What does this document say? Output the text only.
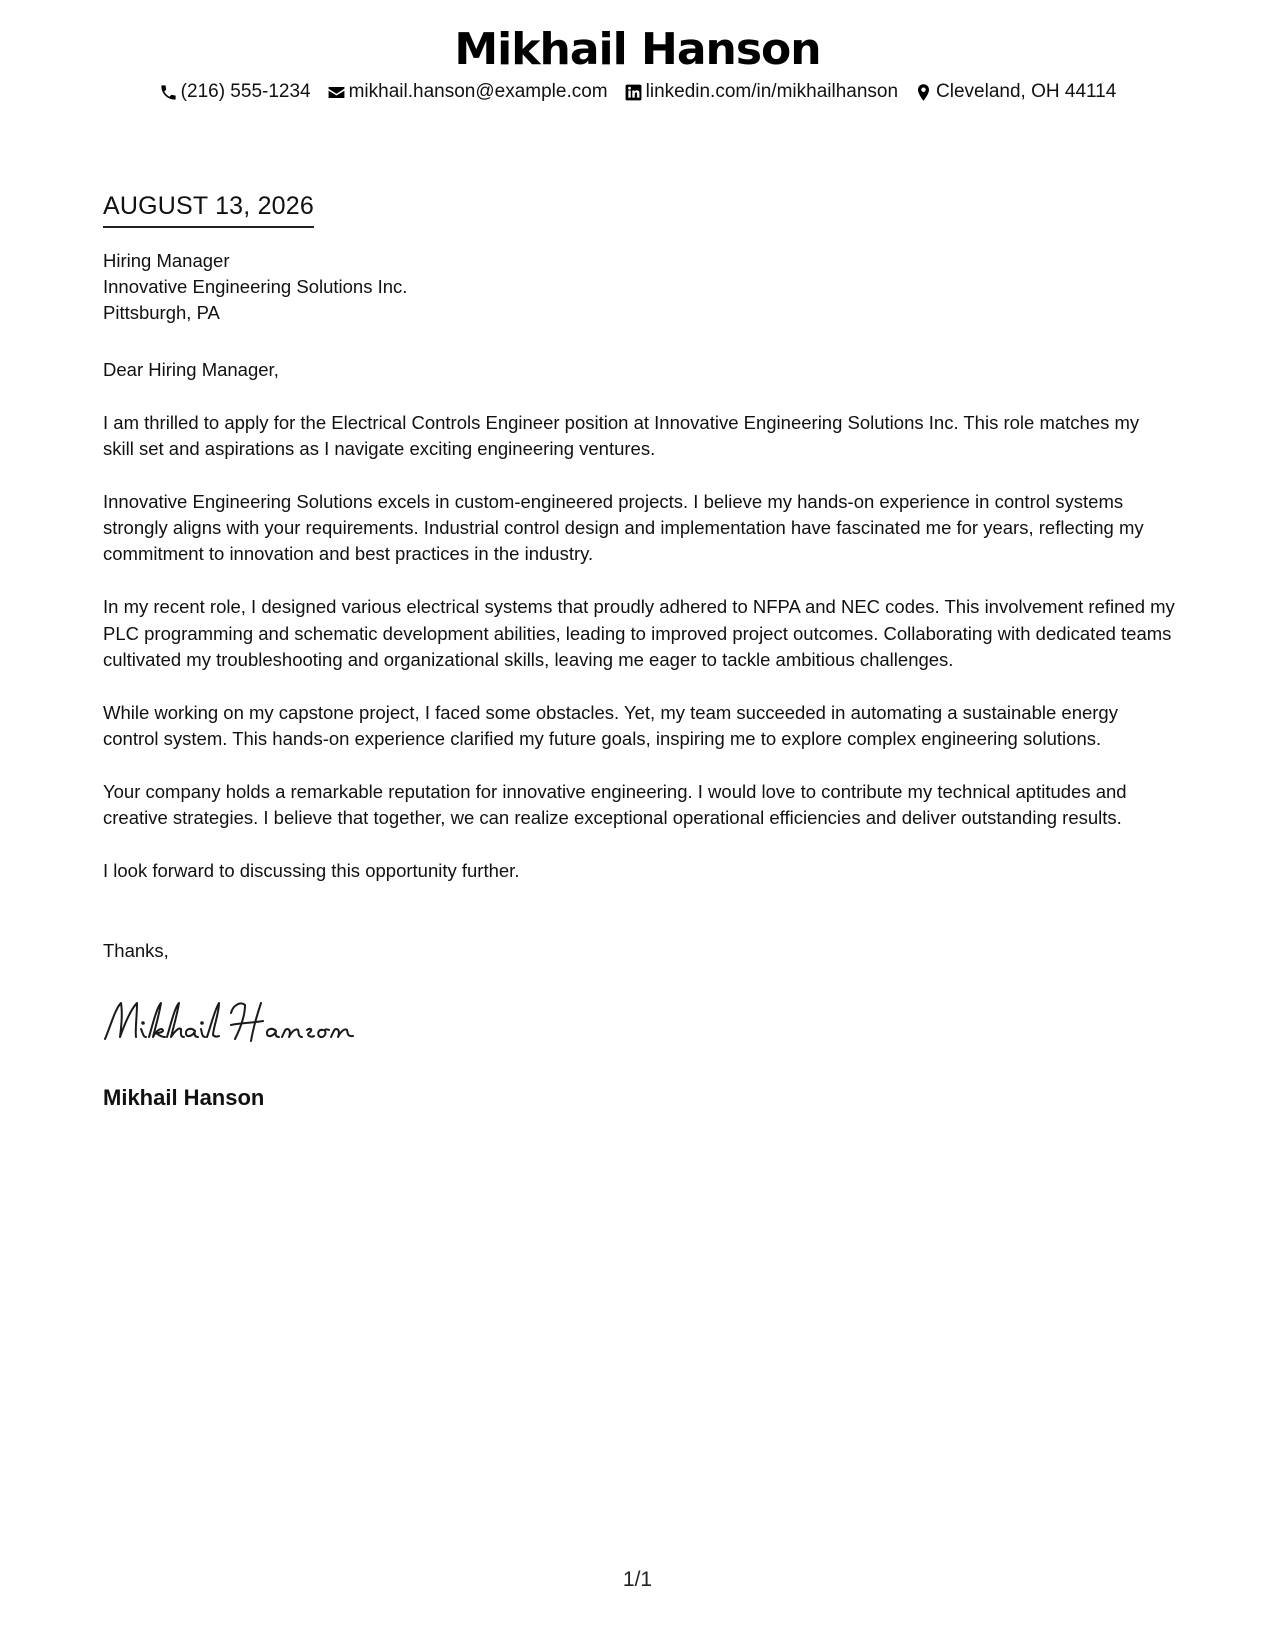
Mikhail Hanson
(216) 555-1234 mikhail.hanson@example.com linkedin.com/in/mikhailhanson Cleveland, OH 44114
AUGUST 13, 2026
Hiring Manager
Innovative Engineering Solutions Inc.
Pittsburgh, PA

Dear Hiring Manager,

I am thrilled to apply for the Electrical Controls Engineer position at Innovative Engineering Solutions Inc. This role matches my skill set and aspirations as I navigate exciting engineering ventures.

Innovative Engineering Solutions excels in custom-engineered projects. I believe my hands-on experience in control systems strongly aligns with your requirements. Industrial control design and implementation have fascinated me for years, reflecting my commitment to innovation and best practices in the industry.

In my recent role, I designed various electrical systems that proudly adhered to NFPA and NEC codes. This involvement refined my PLC programming and schematic development abilities, leading to improved project outcomes. Collaborating with dedicated teams cultivated my troubleshooting and organizational skills, leaving me eager to tackle ambitious challenges.

While working on my capstone project, I faced some obstacles. Yet, my team succeeded in automating a sustainable energy control system. This hands-on experience clarified my future goals, inspiring me to explore complex engineering solutions.

Your company holds a remarkable reputation for innovative engineering. I would love to contribute my technical aptitudes and creative strategies. I believe that together, we can realize exceptional operational efficiencies and deliver outstanding results.

I look forward to discussing this opportunity further.

Thanks,
Mikhail Hanson
1/1
